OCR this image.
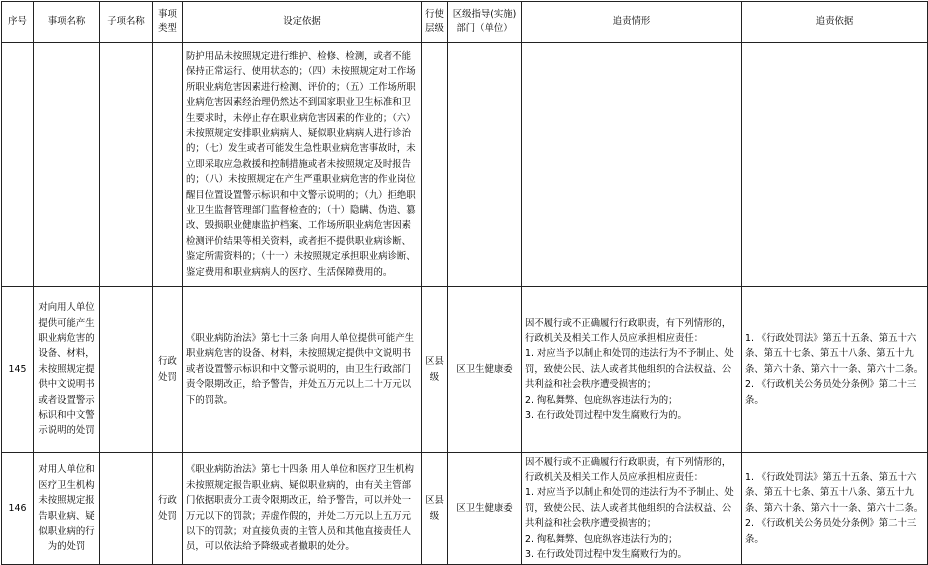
序号	事项名称	子项名称	事项类型	设定依据	行使层级	区级指导(实施)部门（单位）	追责情形	追责依据
				防护用品未按照规定进行维护、检修、检测，或者不能保持正常运行、使用状态的；（四）未按照规定对工作场所职业病危害因素进行检测、评价的；（五）工作场所职业病危害因素经治理仍然达不到国家职业卫生标准和卫生要求时，未停止存在职业病危害因素的作业的；（六）未按照规定安排职业病病人、疑似职业病病人进行诊治的；（七）发生或者可能发生急性职业病危害事故时，未立即采取应急救援和控制措施或者未按照规定及时报告的；（八）未按照规定在产生严重职业病危害的作业岗位醒目位置设置警示标识和中文警示说明的；（九）拒绝职业卫生监督管理部门监督检查的；（十）隐瞒、伪造、篡改、毁损职业健康监护档案、工作场所职业病危害因素检测评价结果等相关资料，或者拒不提供职业病诊断、鉴定所需资料的；（十一）未按照规定承担职业病诊断、鉴定费用和职业病病人的医疗、生活保障费用的。				
145	对向用人单位提供可能产生职业病危害的设备、材料，未按照规定提供中文说明书或者设置警示标识和中文警示说明的处罚		行政处罚	《职业病防治法》第七十三条 向用人单位提供可能产生职业病危害的设备、材料，未按照规定提供中文说明书或者设置警示标识和中文警示说明的，由卫生行政部门责令限期改正，给予警告，并处五万元以上二十万元以下的罚款。	区县级	区卫生健康委	因不履行或不正确履行行政职责，有下列情形的，行政机关及相关工作人员应承担相应责任：
1. 对应当予以制止和处罚的违法行为不予制止、处罚，致使公民、法人或者其他组织的合法权益、公共利益和社会秩序遭受损害的；
2. 徇私舞弊、包庇纵容违法行为的；
3. 在行政处罚过程中发生腐败行为的。	1. 《行政处罚法》第五十五条、第五十六条、第五十七条、第五十八条、第五十九条、第六十条、第六十一条、第六十二条。
2. 《行政机关公务员处分条例》第二十三条。

146	对用人单位和医疗卫生机构未按照规定报告职业病、疑似职业病的行为的处罚		行政处罚	《职业病防治法》第七十四条 用人单位和医疗卫生机构未按照规定报告职业病、疑似职业病的，由有关主管部门依据职责分工责令限期改正，给予警告，可以并处一万元以下的罚款；弄虚作假的，并处二万元以上五万元以下的罚款；对直接负责的主管人员和其他直接责任人员，可以依法给予降级或者撤职的处分。	区县级	区卫生健康委	因不履行或不正确履行行政职责，有下列情形的，行政机关及相关工作人员应承担相应责任：
1. 对应当予以制止和处罚的违法行为不予制止、处罚，致使公民、法人或者其他组织的合法权益、公共利益和社会秩序遭受损害的；
2. 徇私舞弊、包庇纵容违法行为的；
3. 在行政处罚过程中发生腐败行为的。	1. 《行政处罚法》第五十五条、第五十六条、第五十七条、第五十八条、第五十九条、第六十条、第六十一条、第六十二条。
2. 《行政机关公务员处分条例》第二十三条。
